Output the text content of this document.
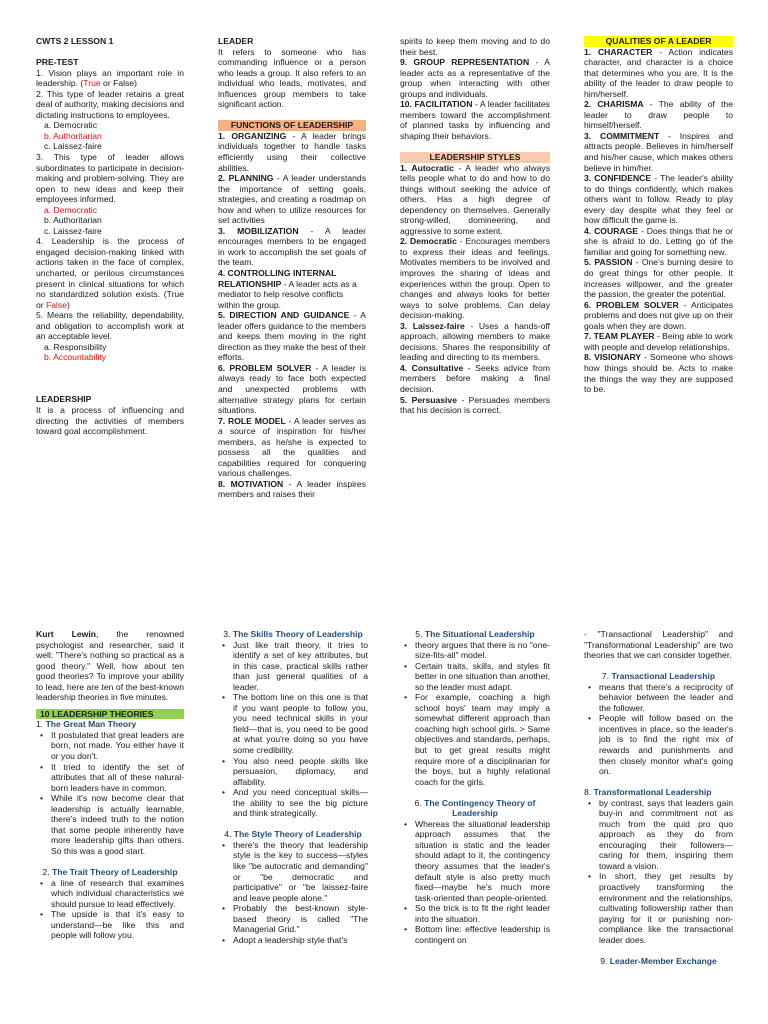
CWTS 2 LESSON 1

PRE-TEST

1. Vision plays an important role in leadership. (True or False)

2. This type of leader retains a great deal of authority, making decisions and dictating instructions to employees.

a. Democratic

b. Authoritarian

c. Laissez-faire

3. This type of leader allows subordinates to participate in decision-making and problem-solving. They are open to new ideas and keep their employees informed.

a. Democratic

b. Authoritarian

c. Laissez-faire

4. Leadership is the process of engaged decision-making linked with actions taken in the face of complex, uncharted, or perilous circumstances present in clinical situations for which no standardized solution exists. (True or False)

5. Means the reliability, dependability, and obligation to accomplish work at an acceptable level.

a. Responsibility

b. Accountability

LEADERSHIP

It is a process of influencing and directing the activities of members toward goal accomplishment.

LEADER

It refers to someone who has commanding influence or a person who leads a group. It also refers to an individual who leads, motivates, and influences group members to take significant action.

FUNCTIONS OF LEADERSHIP

1. ORGANIZING - A leader brings individuals together to handle tasks efficiently using their collective abilities.

2. PLANNING - A leader understands the importance of setting goals, strategies, and creating a roadmap on how and when to utilize resources for set activities

3. MOBILIZATION - A leader encourages members to be engaged in work to accomplish the set goals of the team.

4. CONTROLLING INTERNAL RELATIONSHIP - A leader acts as a mediator to help resolve conflicts within the group.

5. DIRECTION AND GUIDANCE - A leader offers guidance to the members and keeps them moving in the right direction as they make the best of their efforts.

6. PROBLEM SOLVER - A leader is always ready to face both expected and unexpected problems with alternative strategy plans for certain situations.

7. ROLE MODEL - A leader serves as a source of inspiration for his/her members, as he/she is expected to possess all the qualities and capabilities required for conquering various challenges.

8. MOTIVATION - A leader inspires members and raises their

spirits to keep them moving and to do their best.

9. GROUP REPRESENTATION - A leader acts as a representative of the group when interacting with other groups and individuals.

10. FACILITATION - A leader facilitates members toward the accomplishment of planned tasks by influencing and shaping their behaviors.

LEADERSHIP STYLES

1. Autocratic - A leader who always tells people what to do and how to do things without seeking the advice of others. Has a high degree of dependency on themselves. Generally strong-willed, domineering, and aggressive to some extent.

2. Democratic - Encourages members to express their ideas and feelings. Motivates members to be involved and improves the sharing of ideas and experiences within the group. Open to changes and always looks for better ways to solve problems. Can delay decision-making.

3. Laissez-faire - Uses a hands-off approach, allowing members to make decisions. Shares the responsibility of leading and directing to its members.

4. Consultative - Seeks advice from members before making a final decision.

5. Persuasive - Persuades members that his decision is correct.

QUALITIES OF A LEADER

1. CHARACTER - Action indicates character, and character is a choice that determines who you are. It is the ability of the leader to draw people to him/herself.

2. CHARISMA - The ability of the leader to draw people to himself/herself.

3. COMMITMENT - Inspires and attracts people. Believes in him/herself and his/her cause, which makes others believe in him/her.

3. CONFIDENCE - The leader's ability to do things confidently, which makes others want to follow. Ready to play every day despite what they feel or how difficult the game is.

4. COURAGE - Does things that he or she is afraid to do. Letting go of the familiar and going for something new.

5. PASSION - One's burning desire to do great things for other people. It increases willpower, and the greater the passion, the greater the potential.

6. PROBLEM SOLVER - Anticipates problems and does not give up on their goals when they are down.

7. TEAM PLAYER - Being able to work with people and develop relationships.

8. VISIONARY - Someone who shows how things should be. Acts to make the things the way they are supposed to be.

Kurt Lewin, the renowned psychologist and researcher, said it well: "There's nothing so practical as a good theory." Well, how about ten good theories? To improve your ability to lead, here are ten of the best-known leadership theories in five minutes.

10 LEADERSHIP THEORIES

1. The Great Man Theory

• It postulated that great leaders are born, not made. You either have it or you don't.
• It tried to identify the set of attributes that all of these natural-born leaders have in common.
• While it's now become clear that leadership is actually learnable, there's indeed truth to the notion that some people inherently have more leadership gifts than others. So this was a good start.

2. The Trait Theory of Leadership

• a line of research that examines which individual characteristics we should pursue to lead effectively.
• The upside is that it's easy to understand—be like this and people will follow you.

3. The Skills Theory of Leadership

• Just like trait theory, it tries to identify a set of key attributes, but in this case, practical skills rather than just general qualities of a leader.
• The bottom line on this one is that if you want people to follow you, you need technical skills in your field—that is, you need to be good at what you're doing so you have some credibility.
• You also need people skills like persuasion, diplomacy, and affability.
• And you need conceptual skills—the ability to see the big picture and think strategically.

4. The Style Theory of Leadership

• there's the theory that leadership style is the key to success—styles like "be autocratic and demanding" or "be democratic and participative" or "be laissez-faire and leave people alone."
• Probably the best-known style-based theory is called "The Managerial Grid."
• Adopt a leadership style that's

5. The Situational Leadership

• theory argues that there is no "one-size-fits-all" model.
• Certain traits, skills, and styles fit better in one situation than another, so the leader must adapt.
• For example, coaching a high school boys' team may imply a somewhat different approach than coaching high school girls. > Same objectives and standards, perhaps, but to get great results might require more of a disciplinarian for the boys, but a highly relational coach for the girls.

6. The Contingency Theory of Leadership

• Whereas the situational leadership approach assumes that the situation is static and the leader should adapt to it, the contingency theory assumes that the leader's default style is also pretty much fixed—maybe he's much more task-oriented than people-oriented.
• So the trick is to fit the right leader into the situation.
• Bottom line: effective leadership is contingent on

- "Transactional Leadership" and "Transformational Leadership" are two theories that we can consider together.

7. Transactional Leadership

• means that there's a reciprocity of behavior between the leader and the follower.
• People will follow based on the incentives in place, so the leader's job is to find the right mix of rewards and punishments and then closely monitor what's going on.

8. Transformational Leadership

• by contrast, says that leaders gain buy-in and commitment not as much from the quid pro quo approach as they do from encouraging their followers—caring for them, inspiring them toward a vision.
• In short, they get results by proactively transforming the environment and the relationships, cultivating followership rather than paying for it or punishing non-compliance like the transactional leader does.

9. Leader-Member Exchange
